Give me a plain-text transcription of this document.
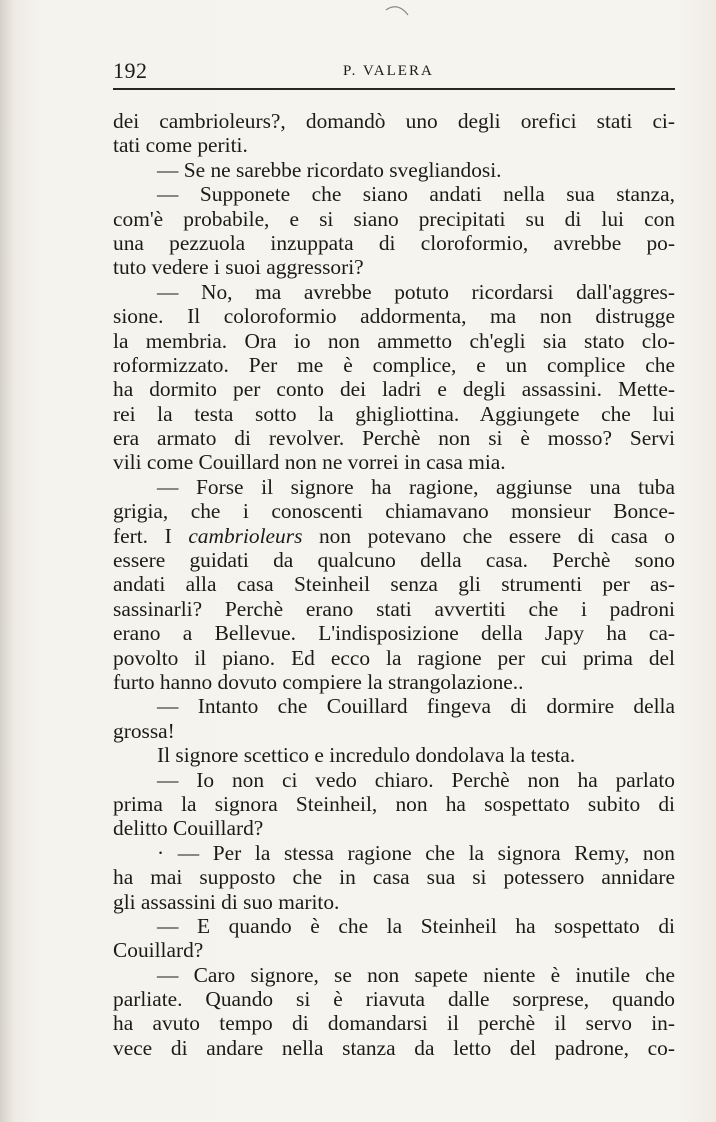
192	P. VALERA
dei cambrioleurs?, domandò uno degli orefici stati ci-
tati come periti.
— Se ne sarebbe ricordato svegliandosi.
— Supponete che siano andati nella sua stanza,
com'è probabile, e si siano precipitati su di lui con
una pezzuola inzuppata di cloroformio, avrebbe po-
tuto vedere i suoi aggressori?
— No, ma avrebbe potuto ricordarsi dall'aggres-
sione. Il coloroformio addormenta, ma non distrugge
la membria. Ora io non ammetto ch'egli sia stato clo-
roformizzato. Per me è complice, e un complice che
ha dormito per conto dei ladri e degli assassini. Mette-
rei la testa sotto la ghigliottina. Aggiungete che lui
era armato di revolver. Perchè non si è mosso? Servi
vili come Couillard non ne vorrei in casa mia.
— Forse il signore ha ragione, aggiunse una tuba
grigia, che i conoscenti chiamavano monsieur Bonce-
fert. I cambrioleurs non potevano che essere di casa o
essere guidati da qualcuno della casa. Perchè sono
andati alla casa Steinheil senza gli strumenti per as-
sassinarli? Perchè erano stati avvertiti che i padroni
erano a Bellevue. L'indisposizione della Japy ha ca-
povolto il piano. Ed ecco la ragione per cui prima del
furto hanno dovuto compiere la strangolazione..
— Intanto che Couillard fingeva di dormire della
grossa!
Il signore scettico e incredulo dondolava la testa.
— Io non ci vedo chiaro. Perchè non ha parlato
prima la signora Steinheil, non ha sospettato subito di
delitto Couillard?
· — Per la stessa ragione che la signora Remy, non
ha mai supposto che in casa sua si potessero annidare
gli assassini di suo marito.
— E quando è che la Steinheil ha sospettato di
Couillard?
— Caro signore, se non sapete niente è inutile che
parliate. Quando si è riavuta dalle sorprese, quando
ha avuto tempo di domandarsi il perchè il servo in-
vece di andare nella stanza da letto del padrone, co-
